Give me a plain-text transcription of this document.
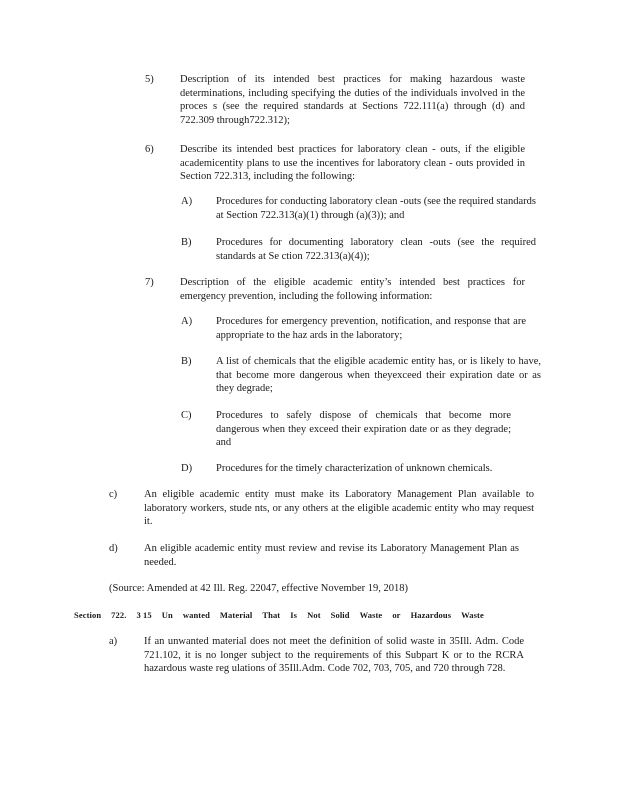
5)	Description of its intended best practices for making hazardous waste determinations, including specifying the duties of the individuals involved in the proces s (see the required standards at Sections 722.111(a) through (d) and 722.309 through722.312);
6)	Describe its intended best practices for laboratory clean - outs, if the eligible academicentity plans to use the incentives for laboratory clean - outs provided in Section 722.313, including the following:
A) Procedures for conducting laboratory clean -outs (see the required standards at Section 722.313(a)(1) through (a)(3)); and
B) Procedures for documenting laboratory clean -outs (see the required standards at Se ction 722.313(a)(4));
7)	Description of the eligible academic entity’s intended best practices for emergency prevention, including the following information:
A) Procedures for emergency prevention, notification, and response that are appropriate to the haz ards in the laboratory;
B) A list of chemicals that the eligible academic entity has, or is likely to have, that become more dangerous when theyexceed their expiration date or as they degrade;
C) Procedures to safely dispose of chemicals that become more dangerous when they exceed their expiration date or as they degrade; and
D) Procedures for the timely characterization of unknown chemicals.
c)	An eligible academic entity must make its Laboratory Management Plan available to laboratory workers, stude nts, or any others at the eligible academic entity who may request it.
d)	An eligible academic entity must review and revise its Laboratory Management Plan as needed.
(Source: Amended at 42 Ill. Reg. 22047, effective November 19, 2018)
Section 722. 3 15 Un wanted Material That Is Not Solid Waste or Hazardous Waste
a)	If an unwanted material does not meet the definition of solid waste in 35Ill. Adm. Code 721.102, it is no longer subject to the requirements of this Subpart K or to the RCRA hazardous waste reg ulations of 35Ill.Adm. Code 702, 703, 705, and 720 through 728.
